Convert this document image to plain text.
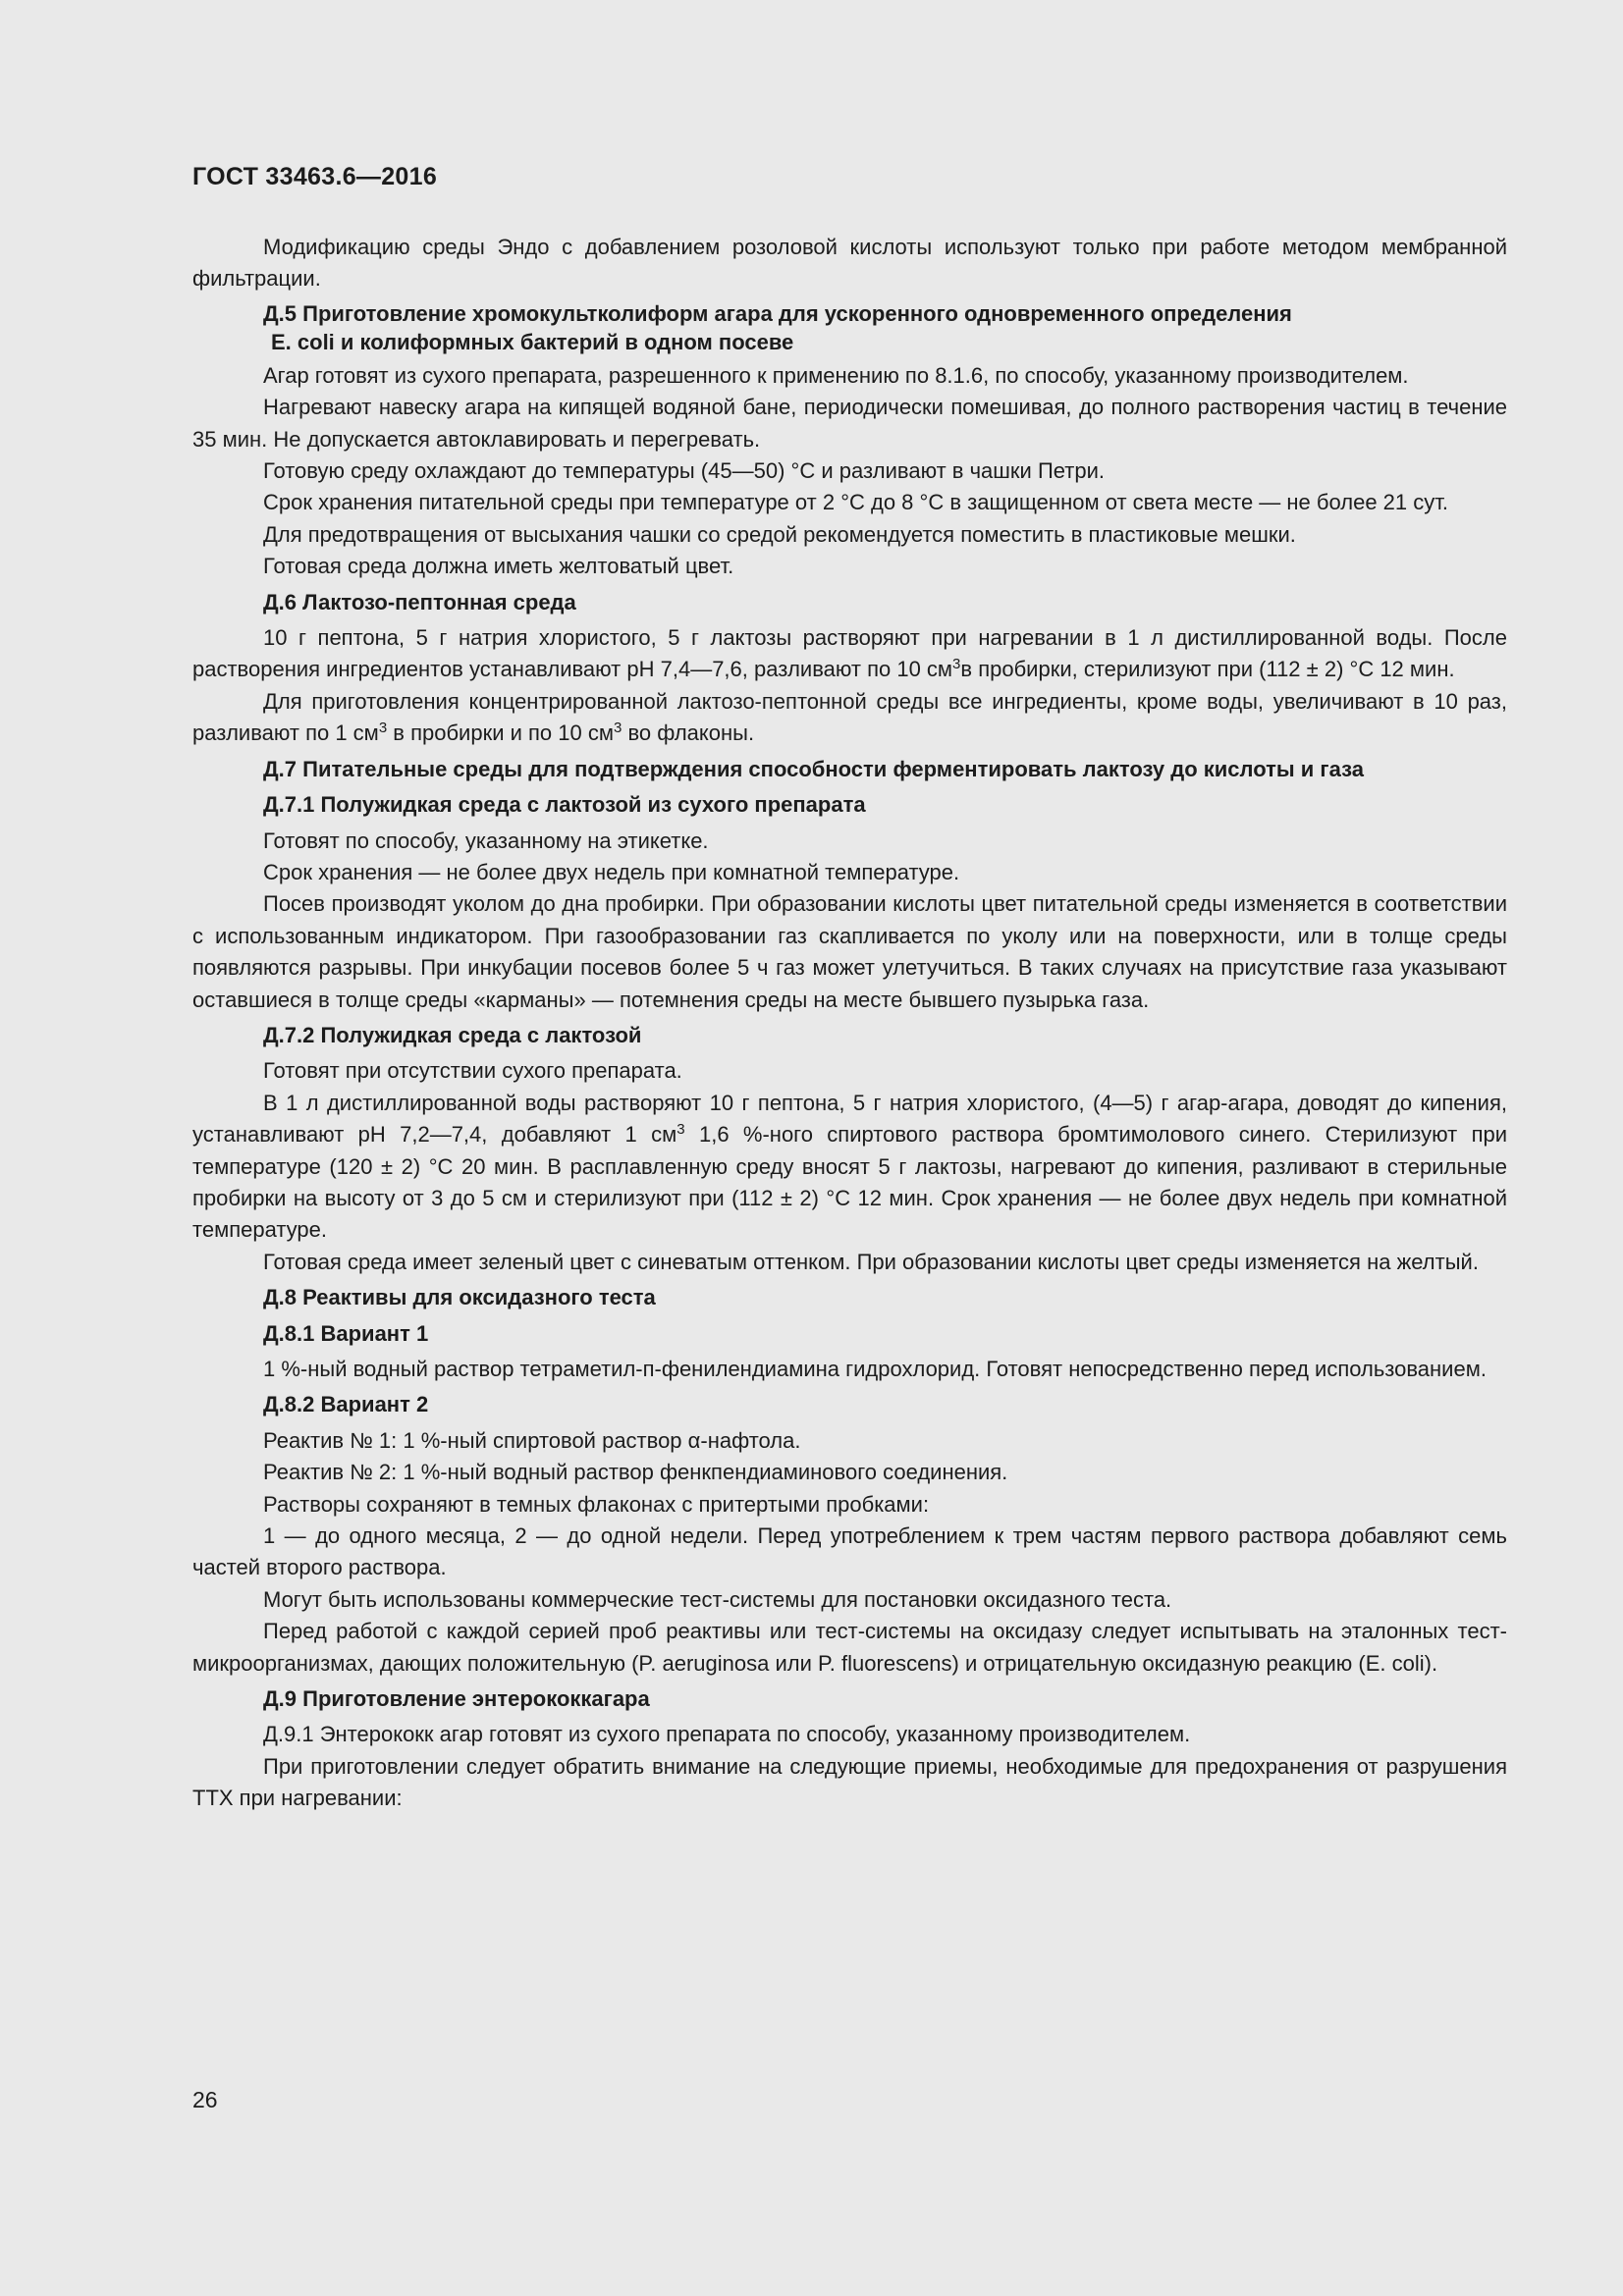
ГОСТ 33463.6—2016

Модификацию среды Эндо с добавлением розоловой кислоты используют только при работе методом мембранной фильтрации.

Д.5 Приготовление хромокультколиформ агара для ускоренного одновременного определения
E. coli и колиформных бактерий в одном посеве

Агар готовят из сухого препарата, разрешенного к применению по 8.1.6, по способу, указанному производителем.

Нагревают навеску агара на кипящей водяной бане, периодически помешивая, до полного растворения частиц в течение 35 мин. Не допускается автоклавировать и перегревать.

Готовую среду охлаждают до температуры (45—50) °С и разливают в чашки Петри.

Срок хранения питательной среды при температуре от 2 °С до 8 °С в защищенном от света месте — не более 21 сут.

Для предотвращения от высыхания чашки со средой рекомендуется поместить в пластиковые мешки.

Готовая среда должна иметь желтоватый цвет.

Д.6 Лактозо-пептонная среда

10 г пептона, 5 г натрия хлористого, 5 г лактозы растворяют при нагревании в 1 л дистиллированной воды. После растворения ингредиентов устанавливают рН 7,4—7,6, разливают по 10 $см^3в$ пробирки, стерилизуют при (112 ± 2) °С 12 мин.

Для приготовления концентрированной лактозо-пептонной среды все ингредиенты, кроме воды, увеличивают в 10 раз, разливают по 1 $см^3$ в пробирки и по 10 $см^3$ во флаконы.

Д.7 Питательные среды для подтверждения способности ферментировать лактозу до кислоты и газа

Д.7.1 Полужидкая среда с лактозой из сухого препарата

Готовят по способу, указанному на этикетке.

Срок хранения — не более двух недель при комнатной температуре.

Посев производят уколом до дна пробирки. При образовании кислоты цвет питательной среды изменяется в соответствии с использованным индикатором. При газообразовании газ скапливается по уколу или на поверхности, или в толще среды появляются разрывы. При инкубации посевов более 5 ч газ может улетучиться. В таких случаях на присутствие газа указывают оставшиеся в толще среды «карманы» — потемнения среды на месте бывшего пузырька газа.

Д.7.2 Полужидкая среда с лактозой

Готовят при отсутствии сухого препарата.

В 1 л дистиллированной воды растворяют 10 г пептона, 5 г натрия хлористого, (4—5) г агар-агара, доводят до кипения, устанавливают рН 7,2—7,4, добавляют 1 $см^3$ 1,6 %-ного спиртового раствора бромтимолового синего. Стерилизуют при температуре (120 ± 2) °С 20 мин. В расплавленную среду вносят 5 г лактозы, нагревают до кипения, разливают в стерильные пробирки на высоту от 3 до 5 см и стерилизуют при (112 ± 2) °С 12 мин. Срок хранения — не более двух недель при комнатной температуре.

Готовая среда имеет зеленый цвет с синеватым оттенком. При образовании кислоты цвет среды изменяется на желтый.

Д.8 Реактивы для оксидазного теста

Д.8.1 Вариант 1

1 %-ный водный раствор тетраметил-п-фенилендиамина гидрохлорид. Готовят непосредственно перед использованием.

Д.8.2 Вариант 2

Реактив № 1: 1 %-ный спиртовой раствор α-нафтола.

Реактив № 2: 1 %-ный водный раствор фенкпендиаминового соединения.

Растворы сохраняют в темных флаконах с притертыми пробками:

1 — до одного месяца, 2 — до одной недели. Перед употреблением к трем частям первого раствора добавляют семь частей второго раствора.

Могут быть использованы коммерческие тест-системы для постановки оксидазного теста.

Перед работой с каждой серией проб реактивы или тест-системы на оксидазу следует испытывать на эталонных тест-микроорганизмах, дающих положительную (P. aeruginosa или P. fluorescens) и отрицательную оксидазную реакцию (E. coli).

Д.9 Приготовление энтерококкагара

Д.9.1 Энтерококк агар готовят из сухого препарата по способу, указанному производителем.

При приготовлении следует обратить внимание на следующие приемы, необходимые для предохранения от разрушения ТТХ при нагревании:

26
